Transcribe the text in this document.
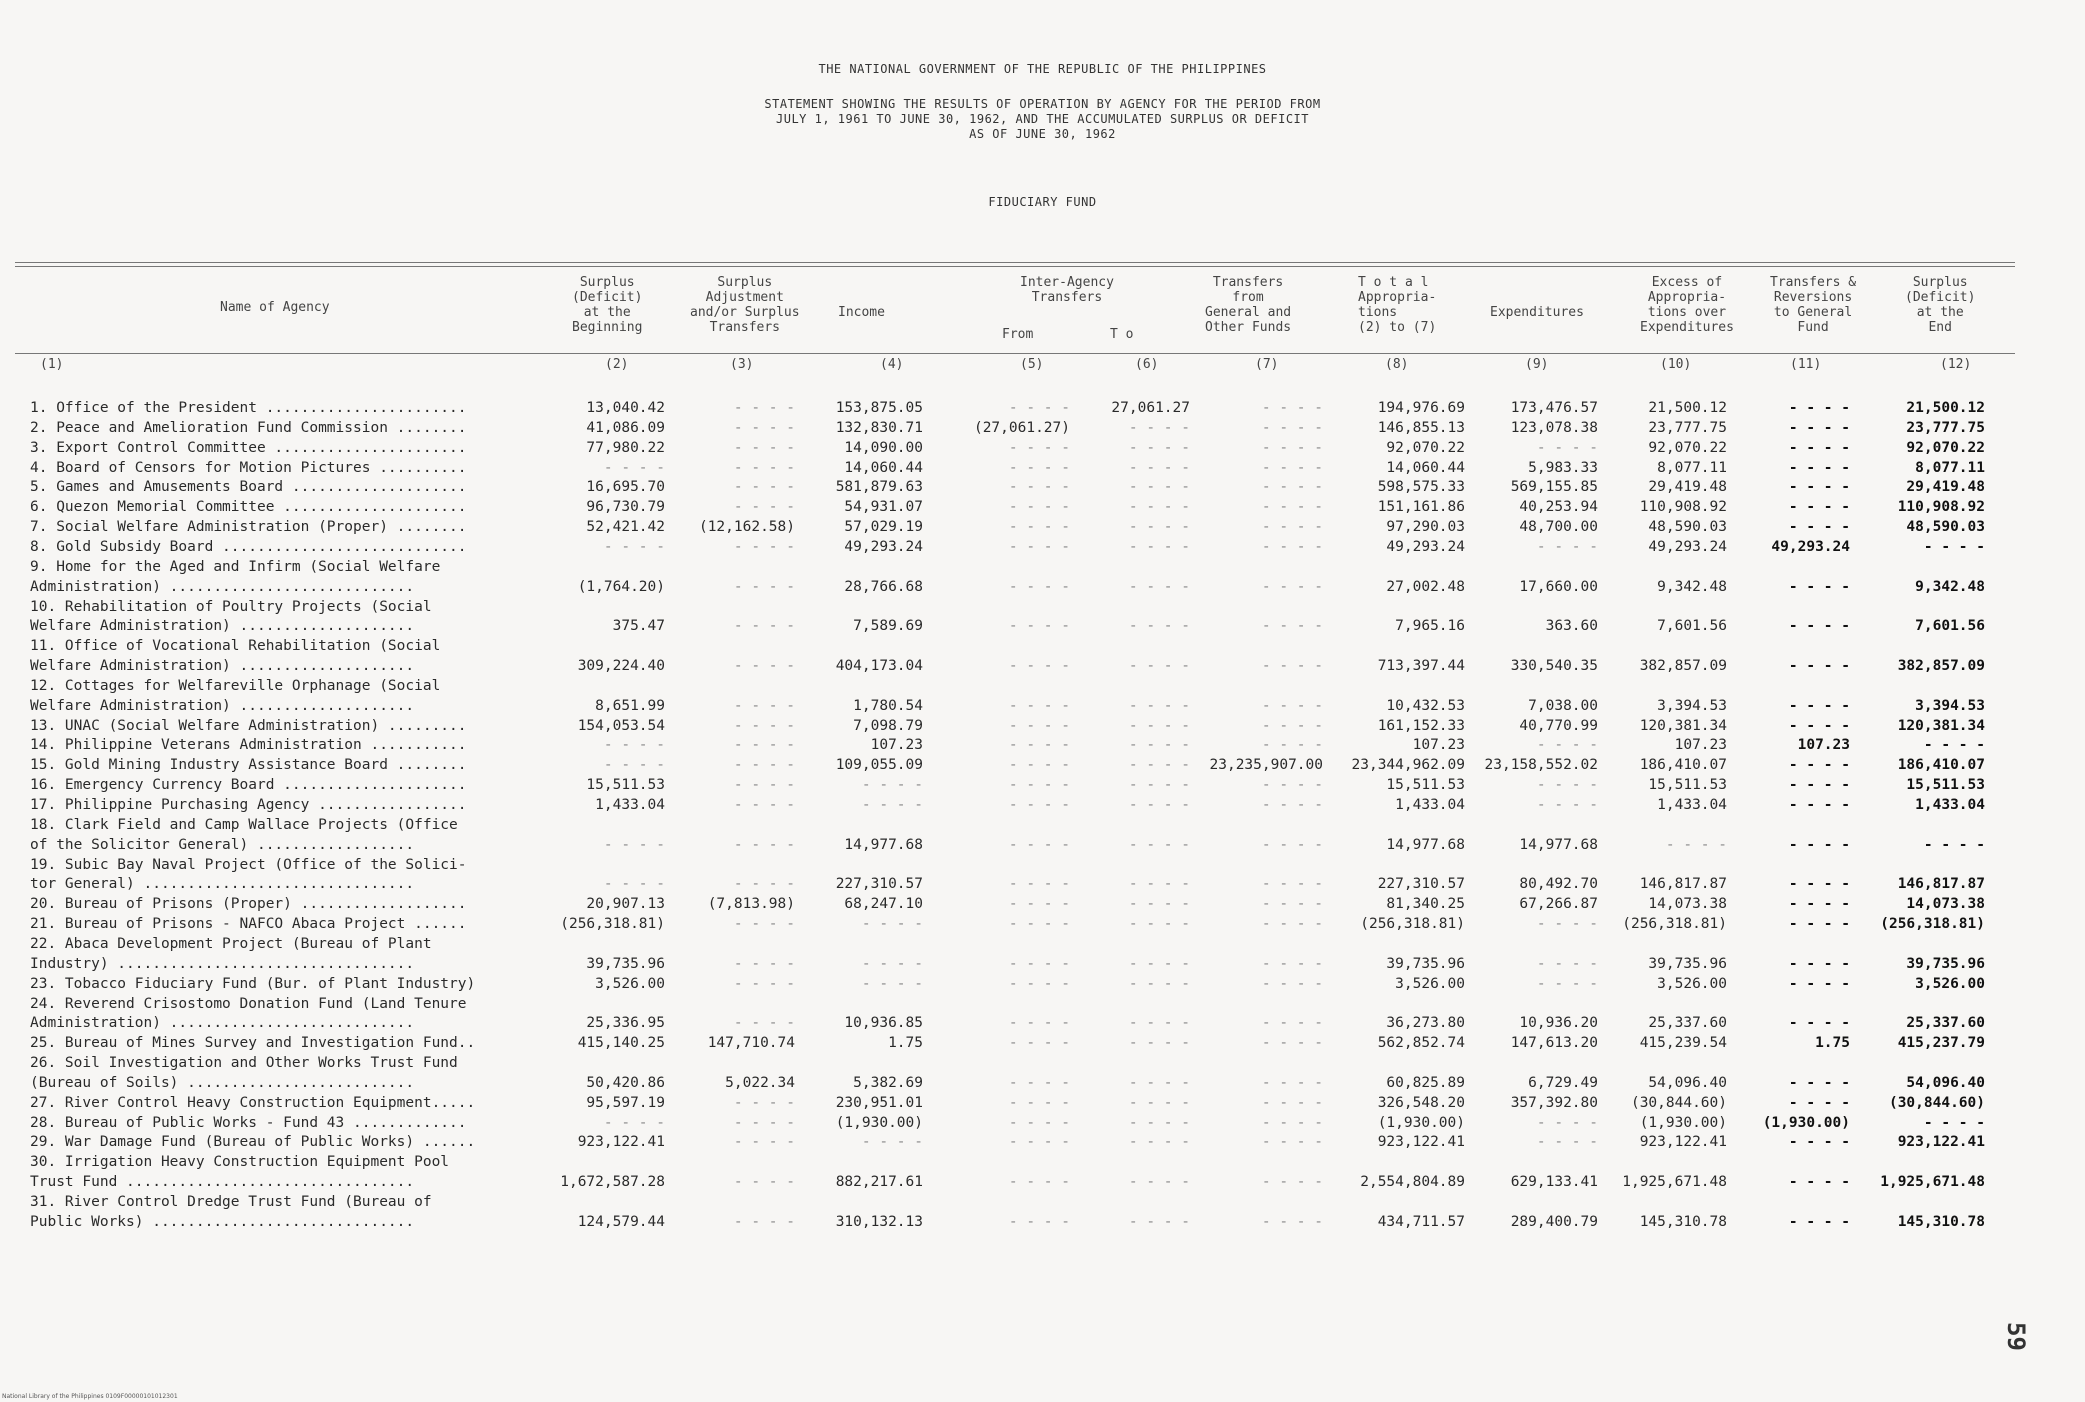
THE NATIONAL GOVERNMENT OF THE REPUBLIC OF THE PHILIPPINES
STATEMENT SHOWING THE RESULTS OF OPERATION BY AGENCY FOR THE PERIOD FROM
JULY 1, 1961 TO JUNE 30, 1962, AND THE ACCUMULATED SURPLUS OR DEFICIT
AS OF JUNE 30, 1962
FIDUCIARY FUND
Name of Agency
Surplus
(Deficit)
at the
Beginning
Surplus
Adjustment
and/or Surplus
Transfers
Income
Inter-Agency
Transfers
From	T o
Transfers
from
General and
Other Funds
T o t a l
Appropria-
tions
(2) to (7)
Expenditures
Excess of
Appropria-
tions over
Expenditures
Transfers &
Reversions
to General
Fund
Surplus
(Deficit)
at the
End
(1)	(2)	(3)	(4)	(5)	(6)	(7)	(8)	(9)	(10)	(11)	(12)
1. Office of the President .......................	13,040.42	- - - -	153,875.05	- - - -	27,061.27	- - - -	194,976.69	173,476.57	21,500.12	- - - -	21,500.12
2. Peace and Amelioration Fund Commission ........	41,086.09	- - - -	132,830.71	(27,061.27)	- - - -	- - - -	146,855.13	123,078.38	23,777.75	- - - -	23,777.75
3. Export Control Committee ......................	77,980.22	- - - -	14,090.00	- - - -	- - - -	- - - -	92,070.22	- - - -	92,070.22	- - - -	92,070.22
4. Board of Censors for Motion Pictures ..........	- - - -	- - - -	14,060.44	- - - -	- - - -	- - - -	14,060.44	5,983.33	8,077.11	- - - -	8,077.11
5. Games and Amusements Board ....................	16,695.70	- - - -	581,879.63	- - - -	- - - -	- - - -	598,575.33	569,155.85	29,419.48	- - - -	29,419.48
6. Quezon Memorial Committee .....................	96,730.79	- - - -	54,931.07	- - - -	- - - -	- - - -	151,161.86	40,253.94	110,908.92	- - - -	110,908.92
7. Social Welfare Administration (Proper) ........	52,421.42	(12,162.58)	57,029.19	- - - -	- - - -	- - - -	97,290.03	48,700.00	48,590.03	- - - -	48,590.03
8. Gold Subsidy Board ............................	- - - -	- - - -	49,293.24	- - - -	- - - -	- - - -	49,293.24	- - - -	49,293.24	49,293.24	- - - -
9. Home for the Aged and Infirm (Social Welfare
Administration) ............................	(1,764.20)	- - - -	28,766.68	- - - -	- - - -	- - - -	27,002.48	17,660.00	9,342.48	- - - -	9,342.48
10. Rehabilitation of Poultry Projects (Social
Welfare Administration) ....................	375.47	- - - -	7,589.69	- - - -	- - - -	- - - -	7,965.16	363.60	7,601.56	- - - -	7,601.56
11. Office of Vocational Rehabilitation (Social
Welfare Administration) ....................	309,224.40	- - - -	404,173.04	- - - -	- - - -	- - - -	713,397.44	330,540.35	382,857.09	- - - -	382,857.09
12. Cottages for Welfareville Orphanage (Social
Welfare Administration) ....................	8,651.99	- - - -	1,780.54	- - - -	- - - -	- - - -	10,432.53	7,038.00	3,394.53	- - - -	3,394.53
13. UNAC (Social Welfare Administration) .........	154,053.54	- - - -	7,098.79	- - - -	- - - -	- - - -	161,152.33	40,770.99	120,381.34	- - - -	120,381.34
14. Philippine Veterans Administration ...........	- - - -	- - - -	107.23	- - - -	- - - -	- - - -	107.23	- - - -	107.23	107.23	- - - -
15. Gold Mining Industry Assistance Board ........	- - - -	- - - -	109,055.09	- - - -	- - - -	23,235,907.00	23,344,962.09	23,158,552.02	186,410.07	- - - -	186,410.07
16. Emergency Currency Board .....................	15,511.53	- - - -	- - - -	- - - -	- - - -	- - - -	15,511.53	- - - -	15,511.53	- - - -	15,511.53
17. Philippine Purchasing Agency .................	1,433.04	- - - -	- - - -	- - - -	- - - -	- - - -	1,433.04	- - - -	1,433.04	- - - -	1,433.04
18. Clark Field and Camp Wallace Projects (Office
of the Solicitor General) ..................	- - - -	- - - -	14,977.68	- - - -	- - - -	- - - -	14,977.68	14,977.68	- - - -	- - - -	- - - -
19. Subic Bay Naval Project (Office of the Solici-
tor General) ...............................	- - - -	- - - -	227,310.57	- - - -	- - - -	- - - -	227,310.57	80,492.70	146,817.87	- - - -	146,817.87
20. Bureau of Prisons (Proper) ...................	20,907.13	(7,813.98)	68,247.10	- - - -	- - - -	- - - -	81,340.25	67,266.87	14,073.38	- - - -	14,073.38
21. Bureau of Prisons - NAFCO Abaca Project ......	(256,318.81)	- - - -	- - - -	- - - -	- - - -	- - - -	(256,318.81)	- - - -	(256,318.81)	- - - -	(256,318.81)
22. Abaca Development Project (Bureau of Plant
Industry) ..................................	39,735.96	- - - -	- - - -	- - - -	- - - -	- - - -	39,735.96	- - - -	39,735.96	- - - -	39,735.96
23. Tobacco Fiduciary Fund (Bur. of Plant Industry)	3,526.00	- - - -	- - - -	- - - -	- - - -	- - - -	3,526.00	- - - -	3,526.00	- - - -	3,526.00
24. Reverend Crisostomo Donation Fund (Land Tenure
Administration) ............................	25,336.95	- - - -	10,936.85	- - - -	- - - -	- - - -	36,273.80	10,936.20	25,337.60	- - - -	25,337.60
25. Bureau of Mines Survey and Investigation Fund..	415,140.25	147,710.74	1.75	- - - -	- - - -	- - - -	562,852.74	147,613.20	415,239.54	1.75	415,237.79
26. Soil Investigation and Other Works Trust Fund
(Bureau of Soils) ..........................	50,420.86	5,022.34	5,382.69	- - - -	- - - -	- - - -	60,825.89	6,729.49	54,096.40	- - - -	54,096.40
27. River Control Heavy Construction Equipment.....	95,597.19	- - - -	230,951.01	- - - -	- - - -	- - - -	326,548.20	357,392.80	(30,844.60)	- - - -	(30,844.60)
28. Bureau of Public Works - Fund 43 .............	- - - -	- - - -	(1,930.00)	- - - -	- - - -	- - - -	(1,930.00)	- - - -	(1,930.00)	(1,930.00)	- - - -
29. War Damage Fund (Bureau of Public Works) ......	923,122.41	- - - -	- - - -	- - - -	- - - -	- - - -	923,122.41	- - - -	923,122.41	- - - -	923,122.41
30. Irrigation Heavy Construction Equipment Pool
Trust Fund .................................	1,672,587.28	- - - -	882,217.61	- - - -	- - - -	- - - -	2,554,804.89	629,133.41	1,925,671.48	- - - -	1,925,671.48
31. River Control Dredge Trust Fund (Bureau of
Public Works) ..............................	124,579.44	- - - -	310,132.13	- - - -	- - - -	- - - -	434,711.57	289,400.79	145,310.78	- - - -	145,310.78
59
National Library of the Philippines 0109F00000101012301
